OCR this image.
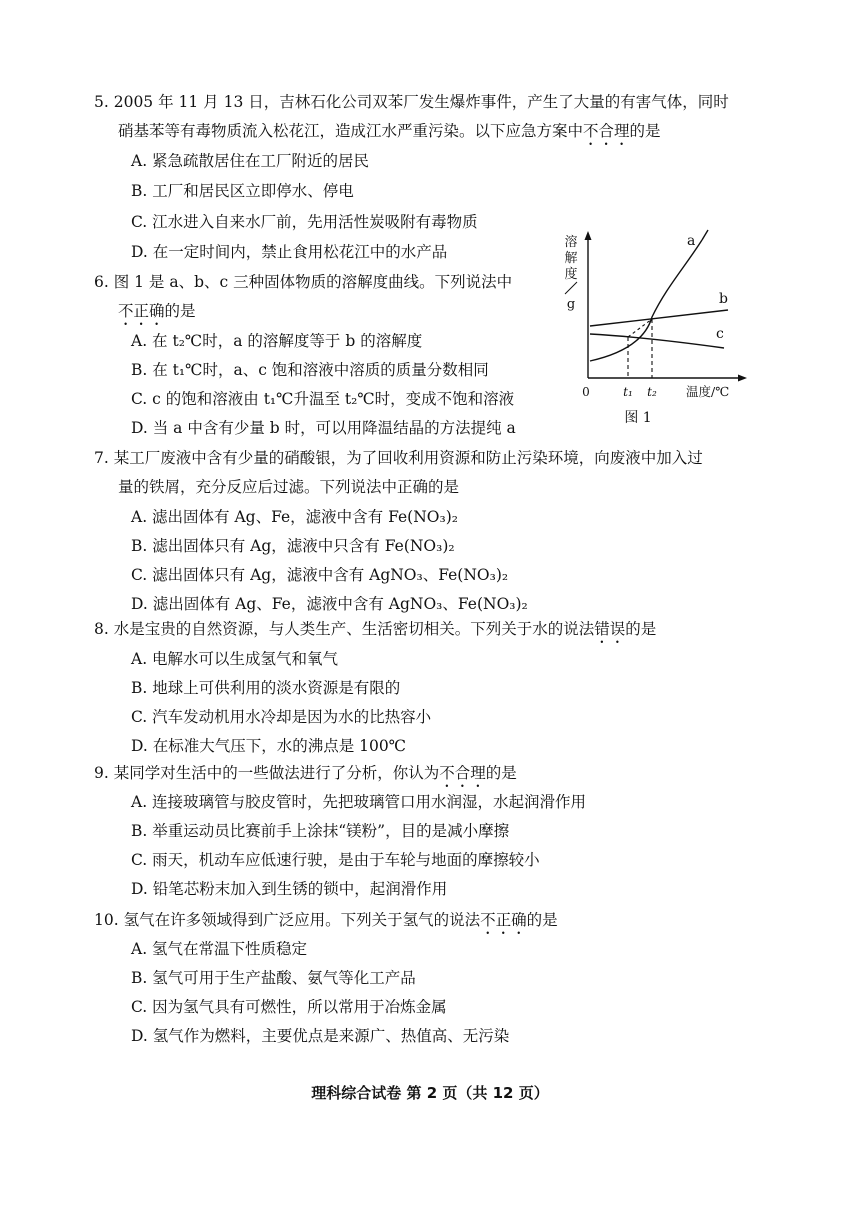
5. 2005 年 11 月 13 日，吉林石化公司双苯厂发生爆炸事件，产生了大量的有害气体，同时
硝基苯等有毒物质流入松花江，造成江水严重污染。以下应急方案中不合理的是
A. 紧急疏散居住在工厂附近的居民
B. 工厂和居民区立即停水、停电
C. 江水进入自来水厂前，先用活性炭吸附有毒物质
D. 在一定时间内，禁止食用松花江中的水产品
6. 图 1 是 a、b、c 三种固体物质的溶解度曲线。下列说法中
不正确的是
A. 在 t₂℃时，a 的溶解度等于 b 的溶解度
B. 在 t₁℃时，a、c 饱和溶液中溶质的质量分数相同
C. c 的饱和溶液由 t₁℃升温至 t₂℃时，变成不饱和溶液
D. 当 a 中含有少量 b 时，可以用降温结晶的方法提纯 a
溶
解
度
g
a
b
c
0	t₁ t₂ 温度/℃
图 1
7. 某工厂废液中含有少量的硝酸银，为了回收利用资源和防止污染环境，向废液中加入过
量的铁屑，充分反应后过滤。下列说法中正确的是
A. 滤出固体有 Ag、Fe，滤液中含有 Fe(NO₃)₂
B. 滤出固体只有 Ag，滤液中只含有 Fe(NO₃)₂
C. 滤出固体只有 Ag，滤液中含有 AgNO₃、Fe(NO₃)₂
D. 滤出固体有 Ag、Fe，滤液中含有 AgNO₃、Fe(NO₃)₂
8. 水是宝贵的自然资源，与人类生产、生活密切相关。下列关于水的说法错误的是
A. 电解水可以生成氢气和氧气
B. 地球上可供利用的淡水资源是有限的
C. 汽车发动机用水冷却是因为水的比热容小
D. 在标准大气压下，水的沸点是 100℃
9. 某同学对生活中的一些做法进行了分析，你认为不合理的是
A. 连接玻璃管与胶皮管时，先把玻璃管口用水润湿，水起润滑作用
B. 举重运动员比赛前手上涂抹“镁粉”，目的是减小摩擦
C. 雨天，机动车应低速行驶，是由于车轮与地面的摩擦较小
D. 铅笔芯粉末加入到生锈的锁中，起润滑作用
10. 氢气在许多领域得到广泛应用。下列关于氢气的说法不正确的是
A. 氢气在常温下性质稳定
B. 氢气可用于生产盐酸、氨气等化工产品
C. 因为氢气具有可燃性，所以常用于冶炼金属
D. 氢气作为燃料，主要优点是来源广、热值高、无污染
理科综合试卷 第 2 页（共 12 页）
